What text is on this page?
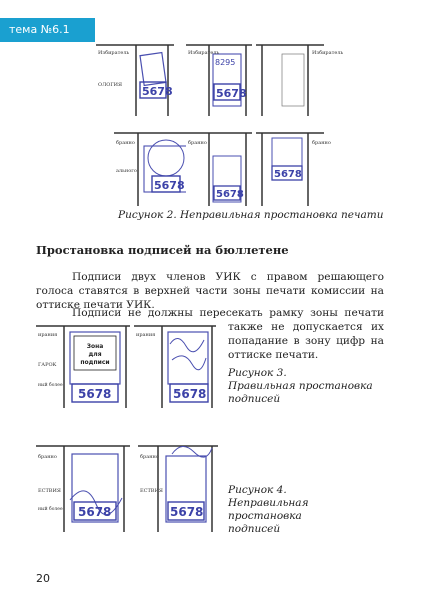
тема №6.1
5678
Избиратель
ОЛОГИЯ
8295
5678
Избиратель	Избиратель
5678
бранно
ального
5678
бранно
5678
бранно
Рисунок 2. Неправильная простановка печати
Простановка подписей на бюллетене
Подписи двух членов УИК с правом решающего голоса ставятся в верхней части зоны печати комиссии на оттиске печати УИК.
Подписи не должны пересекать рамку зоны печати
также не допускается их попадание в зону цифр на оттиске печати.
Зона
для
подписи
5678
ирания
ГАРОК
ный более
5678
ирания
Рисунок 3.
Правильная простановка
подписей
5678
бранно
ЕСТВИЯ
ный более	5678
бранно
ЕСТВИЯ	Рисунок 4.
Неправильная простановка
подписей
20
